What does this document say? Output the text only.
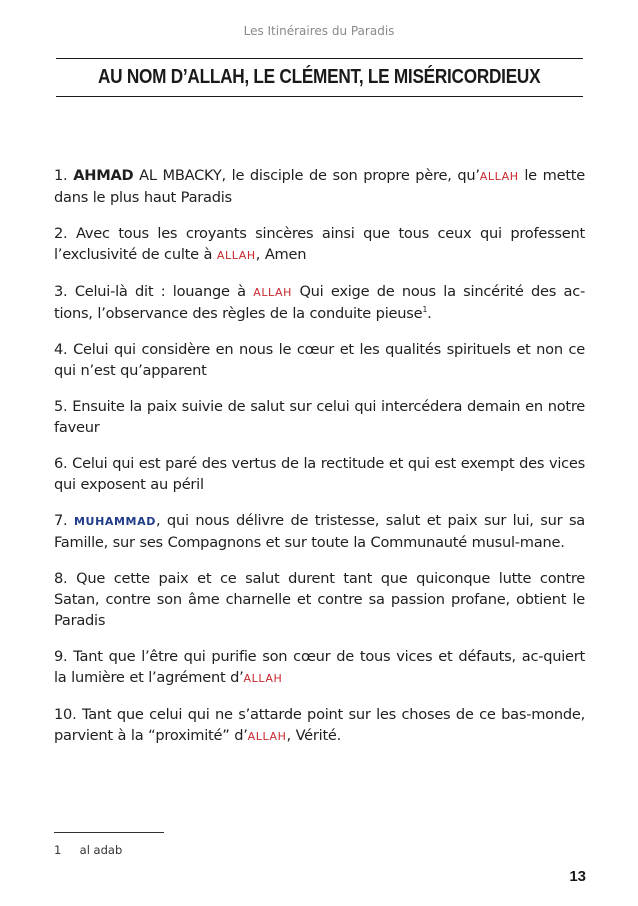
Les Itinéraires du Paradis
AU NOM D’ALLAH, LE CLÉMENT, LE MISÉRICORDIEUX

1. AHMAD AL MBACKY, le disciple de son propre père, qu’ALLAH le mette dans le plus haut Paradis

2. Avec tous les croyants sincères ainsi que tous ceux qui professent l’exclusivité de culte à ALLAH, Amen

3. Celui-là dit : louange à ALLAH Qui exige de nous la sincérité des ac-tions, l’observance des règles de la conduite pieuse$^1$.

4. Celui qui considère en nous le cœur et les qualités spirituels et non ce qui n’est qu’apparent

5. Ensuite la paix suivie de salut sur celui qui intercédera demain en notre faveur

6. Celui qui est paré des vertus de la rectitude et qui est exempt des vices qui exposent au péril

7. MUHAMMAD, qui nous délivre de tristesse, salut et paix sur lui, sur sa Famille, sur ses Compagnons et sur toute la Communauté musul-mane.

8. Que cette paix et ce salut durent tant que quiconque lutte contre Satan, contre son âme charnelle et contre sa passion profane, obtient le Paradis

9. Tant que l’être qui purifie son cœur de tous vices et défauts, ac-quiert la lumière et l’agrément d’ALLAH

10. Tant que celui qui ne s’attarde point sur les choses de ce bas-monde, parvient à la “proximité” d’ALLAH, Vérité.

1 al adab
13
